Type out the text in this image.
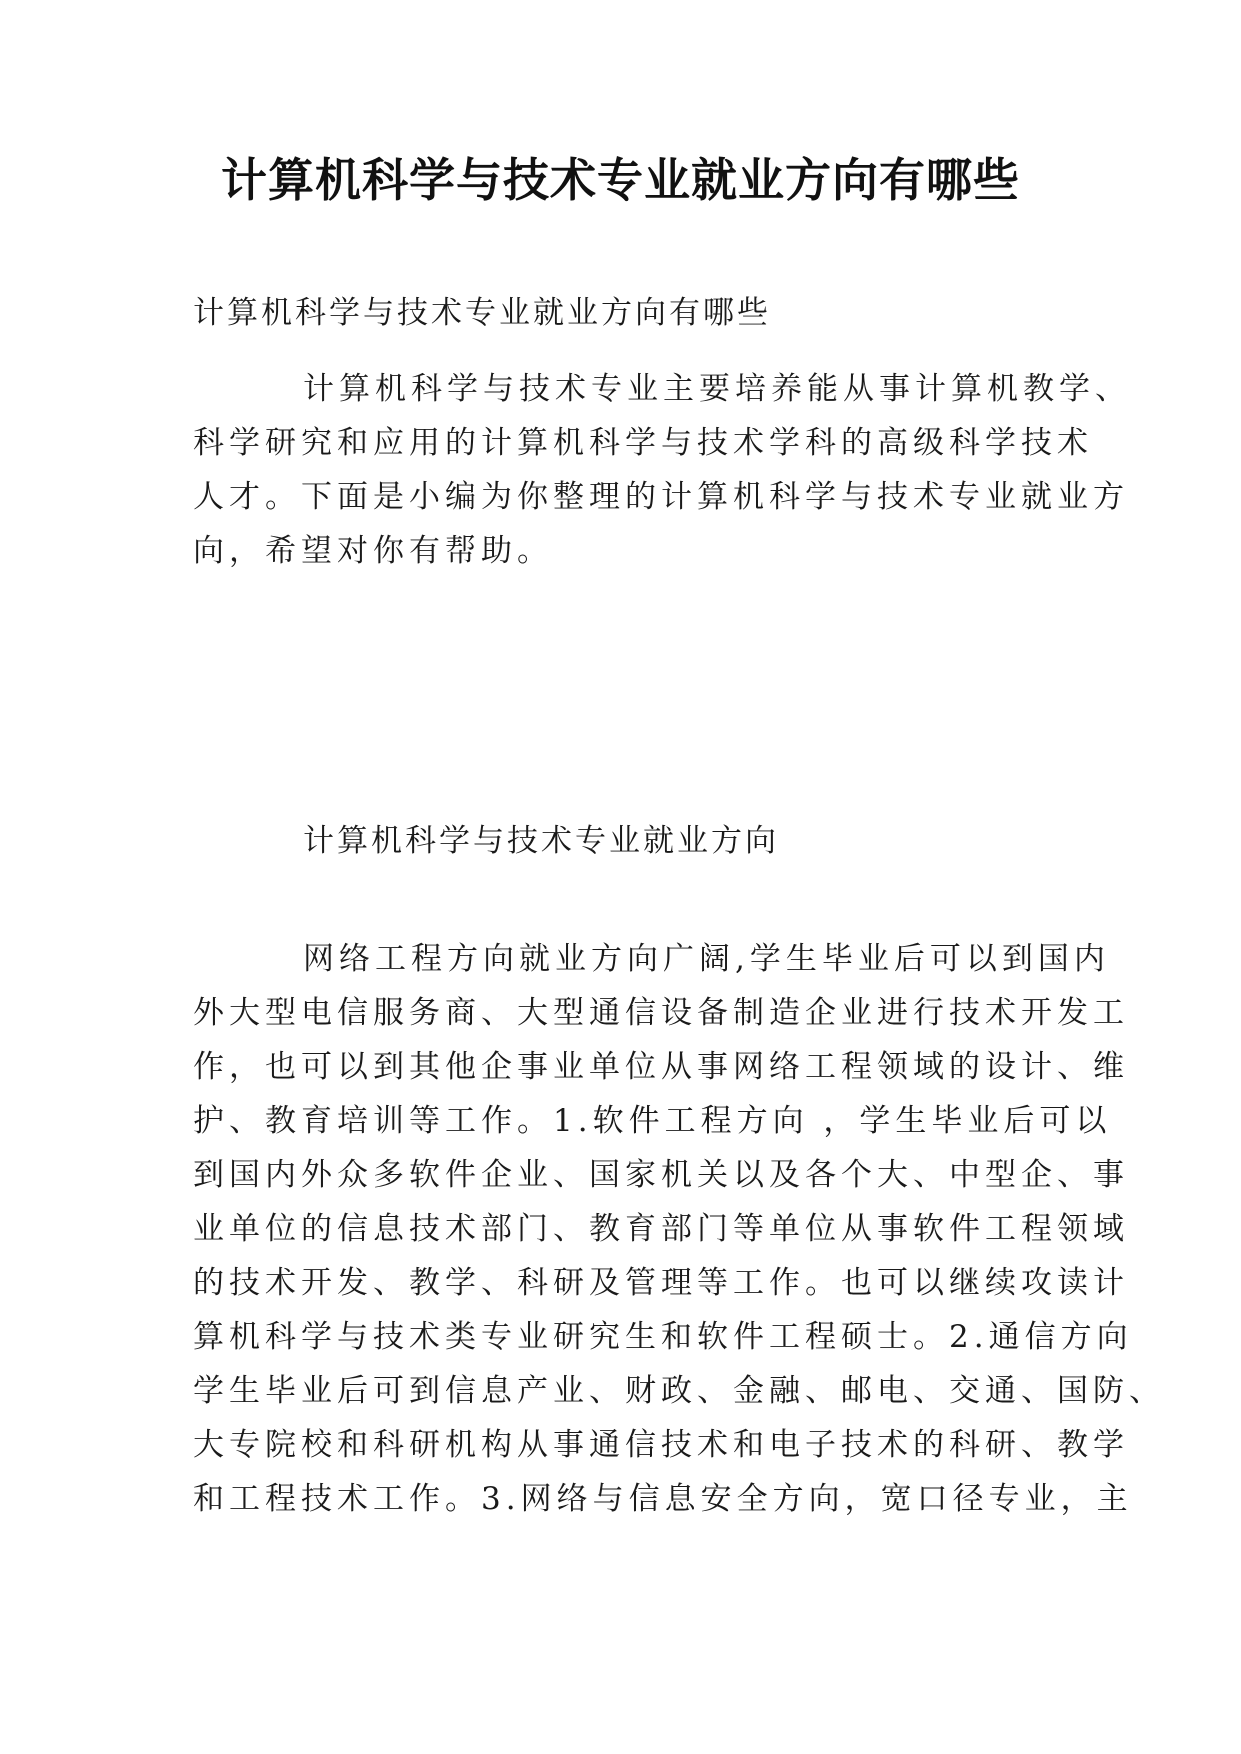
计算机科学与技术专业就业方向有哪些
计算机科学与技术专业就业方向有哪些
计算机科学与技术专业主要培养能从事计算机教学、
科学研究和应用的计算机科学与技术学科的高级科学技术
人才。下面是小编为你整理的计算机科学与技术专业就业方
向，希望对你有帮助。
计算机科学与技术专业就业方向
网络工程方向就业方向广阔,学生毕业后可以到国内
外大型电信服务商、大型通信设备制造企业进行技术开发工
作，也可以到其他企事业单位从事网络工程领域的设计、维
护、教育培训等工作。1.软件工程方向 ，学生毕业后可以
到国内外众多软件企业、国家机关以及各个大、中型企、事
业单位的信息技术部门、教育部门等单位从事软件工程领域
的技术开发、教学、科研及管理等工作。也可以继续攻读计
算机科学与技术类专业研究生和软件工程硕士。2.通信方向
学生毕业后可到信息产业、财政、金融、邮电、交通、国防、
大专院校和科研机构从事通信技术和电子技术的科研、教学
和工程技术工作。3.网络与信息安全方向，宽口径专业，主
